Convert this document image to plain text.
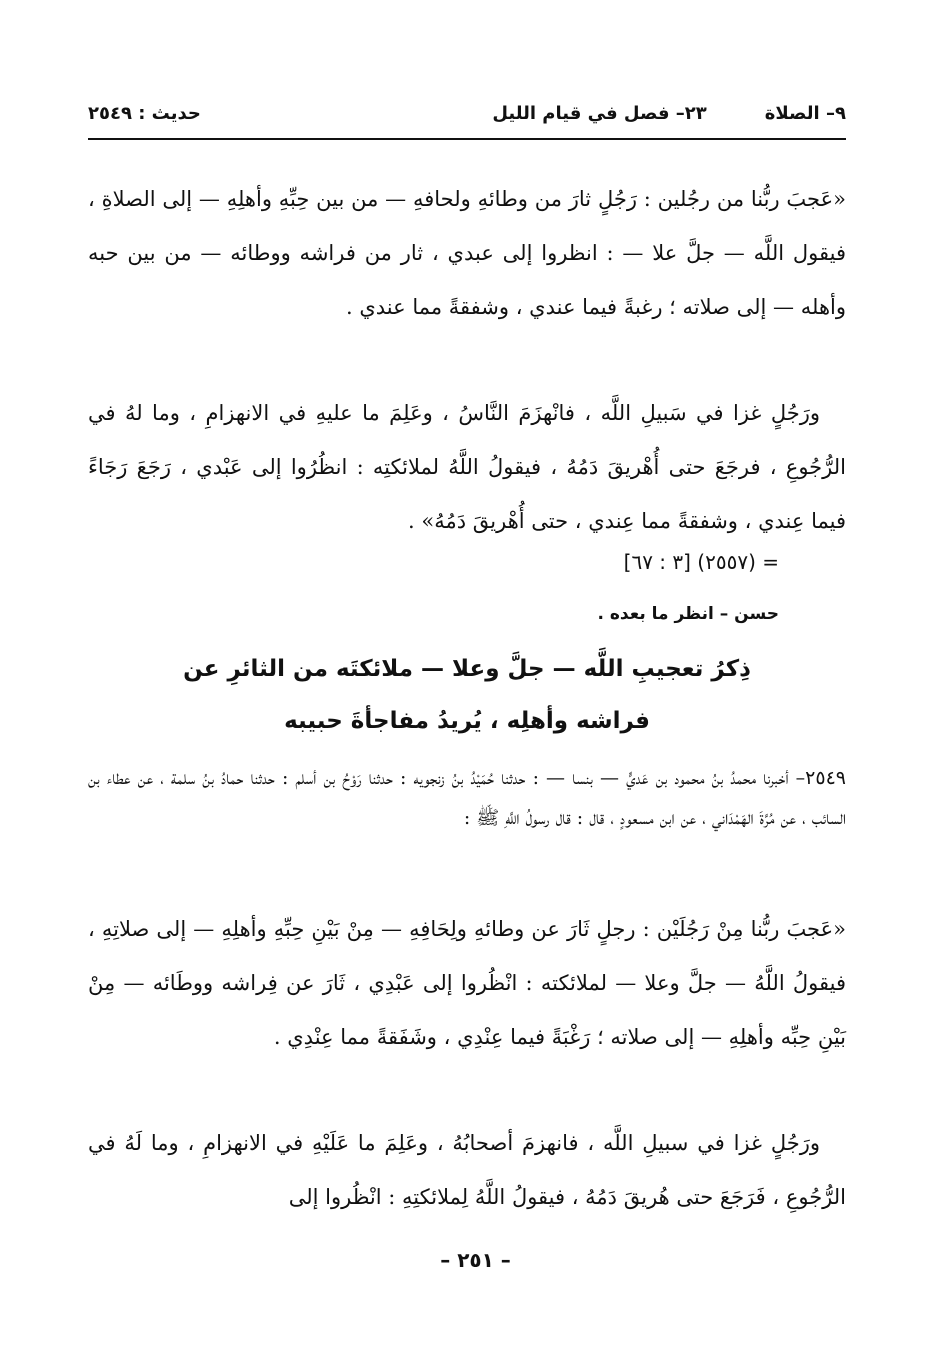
٩– الصلاة
٢٣– فصل في قيام الليل
حديث : ٢٥٤٩

«عَجبَ ربُّنا من رجُلين : رَجُلٍ ثارَ من وطائهِ ولحافهِ — من بين حِبِّهِ وأهلِهِ — إلى الصلاةِ ، فيقول اللَّه — جلَّ علا — : انظروا إلى عبدي ، ثار من فراشه ووطائه — من بين حبه وأهله — إلى صلاته ؛ رغبةً فيما عندي ، وشفقةً مما عندي .

ورَجُلٍ غزا في سَبيلِ اللَّه ، فانْهزَمَ النَّاسُ ، وعَلِمَ ما عليهِ في الانهزامِ ، وما لهُ في الرُّجُوعِ ، فرجَعَ حتى أُهْريقَ دَمُهُ ، فيقولُ اللَّهُ لملائكتِه : انظُرُوا إلى عَبْدي ، رَجَعَ رَجَاءً فيما عِندي ، وشفقةً مما عِندي ، حتى أُهْريقَ دَمُهُ» .

= (٢٥٥٧) [٣ : ٦٧]
حسن – انظر ما بعده .
ذِكرُ تعجيبِ اللَّه — جلَّ وعلا — ملائكتَه من الثائرِ عن
فراشه وأهلِه ، يُريدُ مفاجأةَ حبيبه

٢٥٤٩– أخبرنا محمدُ بنُ محمود بن عَديٍّ — بنسا — : حدثنا حُمَيْدُ بنُ زنجويه : حدثنا رَوْحُ بن أسلم : حدثنا حمادُ بنُ سلمة ، عن عطاء بن السائب ، عن مُرَّةَ الهَمْدَاني ، عن ابن مسعودٍ ، قال : قال رسولُ اللَّهِ ﷺ :

«عَجبَ ربُّنا مِنْ رَجُلَيْن : رجلٍ ثَارَ عن وطائهِ ولِحَافِهِ — مِنْ بَيْنِ حِبِّهِ وأهلِهِ — إلى صلاتِهِ ، فيقولُ اللَّهُ — جلَّ وعلا — لملائكته : انْظُروا إلى عَبْدِي ، ثَارَ عن فِراشه ووطَائه — مِنْ بَيْنِ حِبِّه وأهلِهِ — إلى صلاته ؛ رَغْبَةً فيما عِنْدِي ، وشَفَقةً مما عِنْدِي .

ورَجُلٍ غزا في سبيلِ اللَّه ، فانهزمَ أصحابُهُ ، وعَلِمَ ما عَلَيْهِ في الانهزامِ ، وما لَهُ في الرُّجُوعِ ، فَرَجَعَ حتى هُريقَ دَمُهُ ، فيقولُ اللَّهُ لِملائكتِهِ : انْظُروا إلى

– ٢٥١ –
